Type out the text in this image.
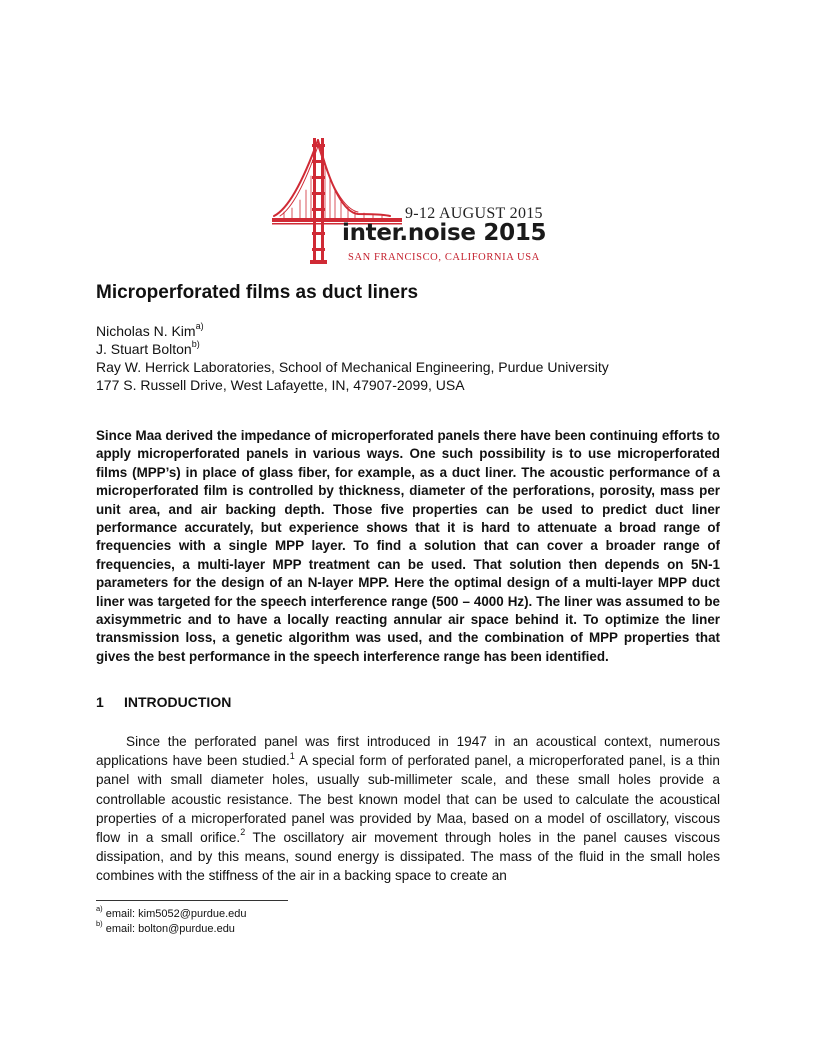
9-12 AUGUST 2015
inter.noise 2015
SAN FRANCISCO, CALIFORNIA USA
Microperforated films as duct liners
Nicholas N. Kim$^{a)}$
J. Stuart Bolton$^{b)}$
Ray W. Herrick Laboratories, School of Mechanical Engineering, Purdue University
177 S. Russell Drive, West Lafayette, IN, 47907-2099, USA

Since Maa derived the impedance of microperforated panels there have been continuing efforts to apply microperforated panels in various ways. One such possibility is to use microperforated films (MPP’s) in place of glass fiber, for example, as a duct liner. The acoustic performance of a microperforated film is controlled by thickness, diameter of the perforations, porosity, mass per unit area, and air backing depth. Those five properties can be used to predict duct liner performance accurately, but experience shows that it is hard to attenuate a broad range of frequencies with a single MPP layer. To find a solution that can cover a broader range of frequencies, a multi-layer MPP treatment can be used. That solution then depends on 5N-1 parameters for the design of an N-layer MPP. Here the optimal design of a multi-layer MPP duct liner was targeted for the speech interference range (500 – 4000 Hz). The liner was assumed to be axisymmetric and to have a locally reacting annular air space behind it. To optimize the liner transmission loss, a genetic algorithm was used, and the combination of MPP properties that gives the best performance in the speech interference range has been identified.

1 INTRODUCTION

Since the perforated panel was first introduced in 1947 in an acoustical context, numerous applications have been studied.$^1$ A special form of perforated panel, a microperforated panel, is a thin panel with small diameter holes, usually sub-millimeter scale, and these small holes provide a controllable acoustic resistance. The best known model that can be used to calculate the acoustical properties of a microperforated panel was provided by Maa, based on a model of oscillatory, viscous flow in a small orifice.$^2$ The oscillatory air movement through holes in the panel causes viscous dissipation, and by this means, sound energy is dissipated. The mass of the fluid in the small holes combines with the stiffness of the air in a backing space to create an

$^{a)}$ email: kim5052@purdue.edu
$^{b)}$ email: bolton@purdue.edu
